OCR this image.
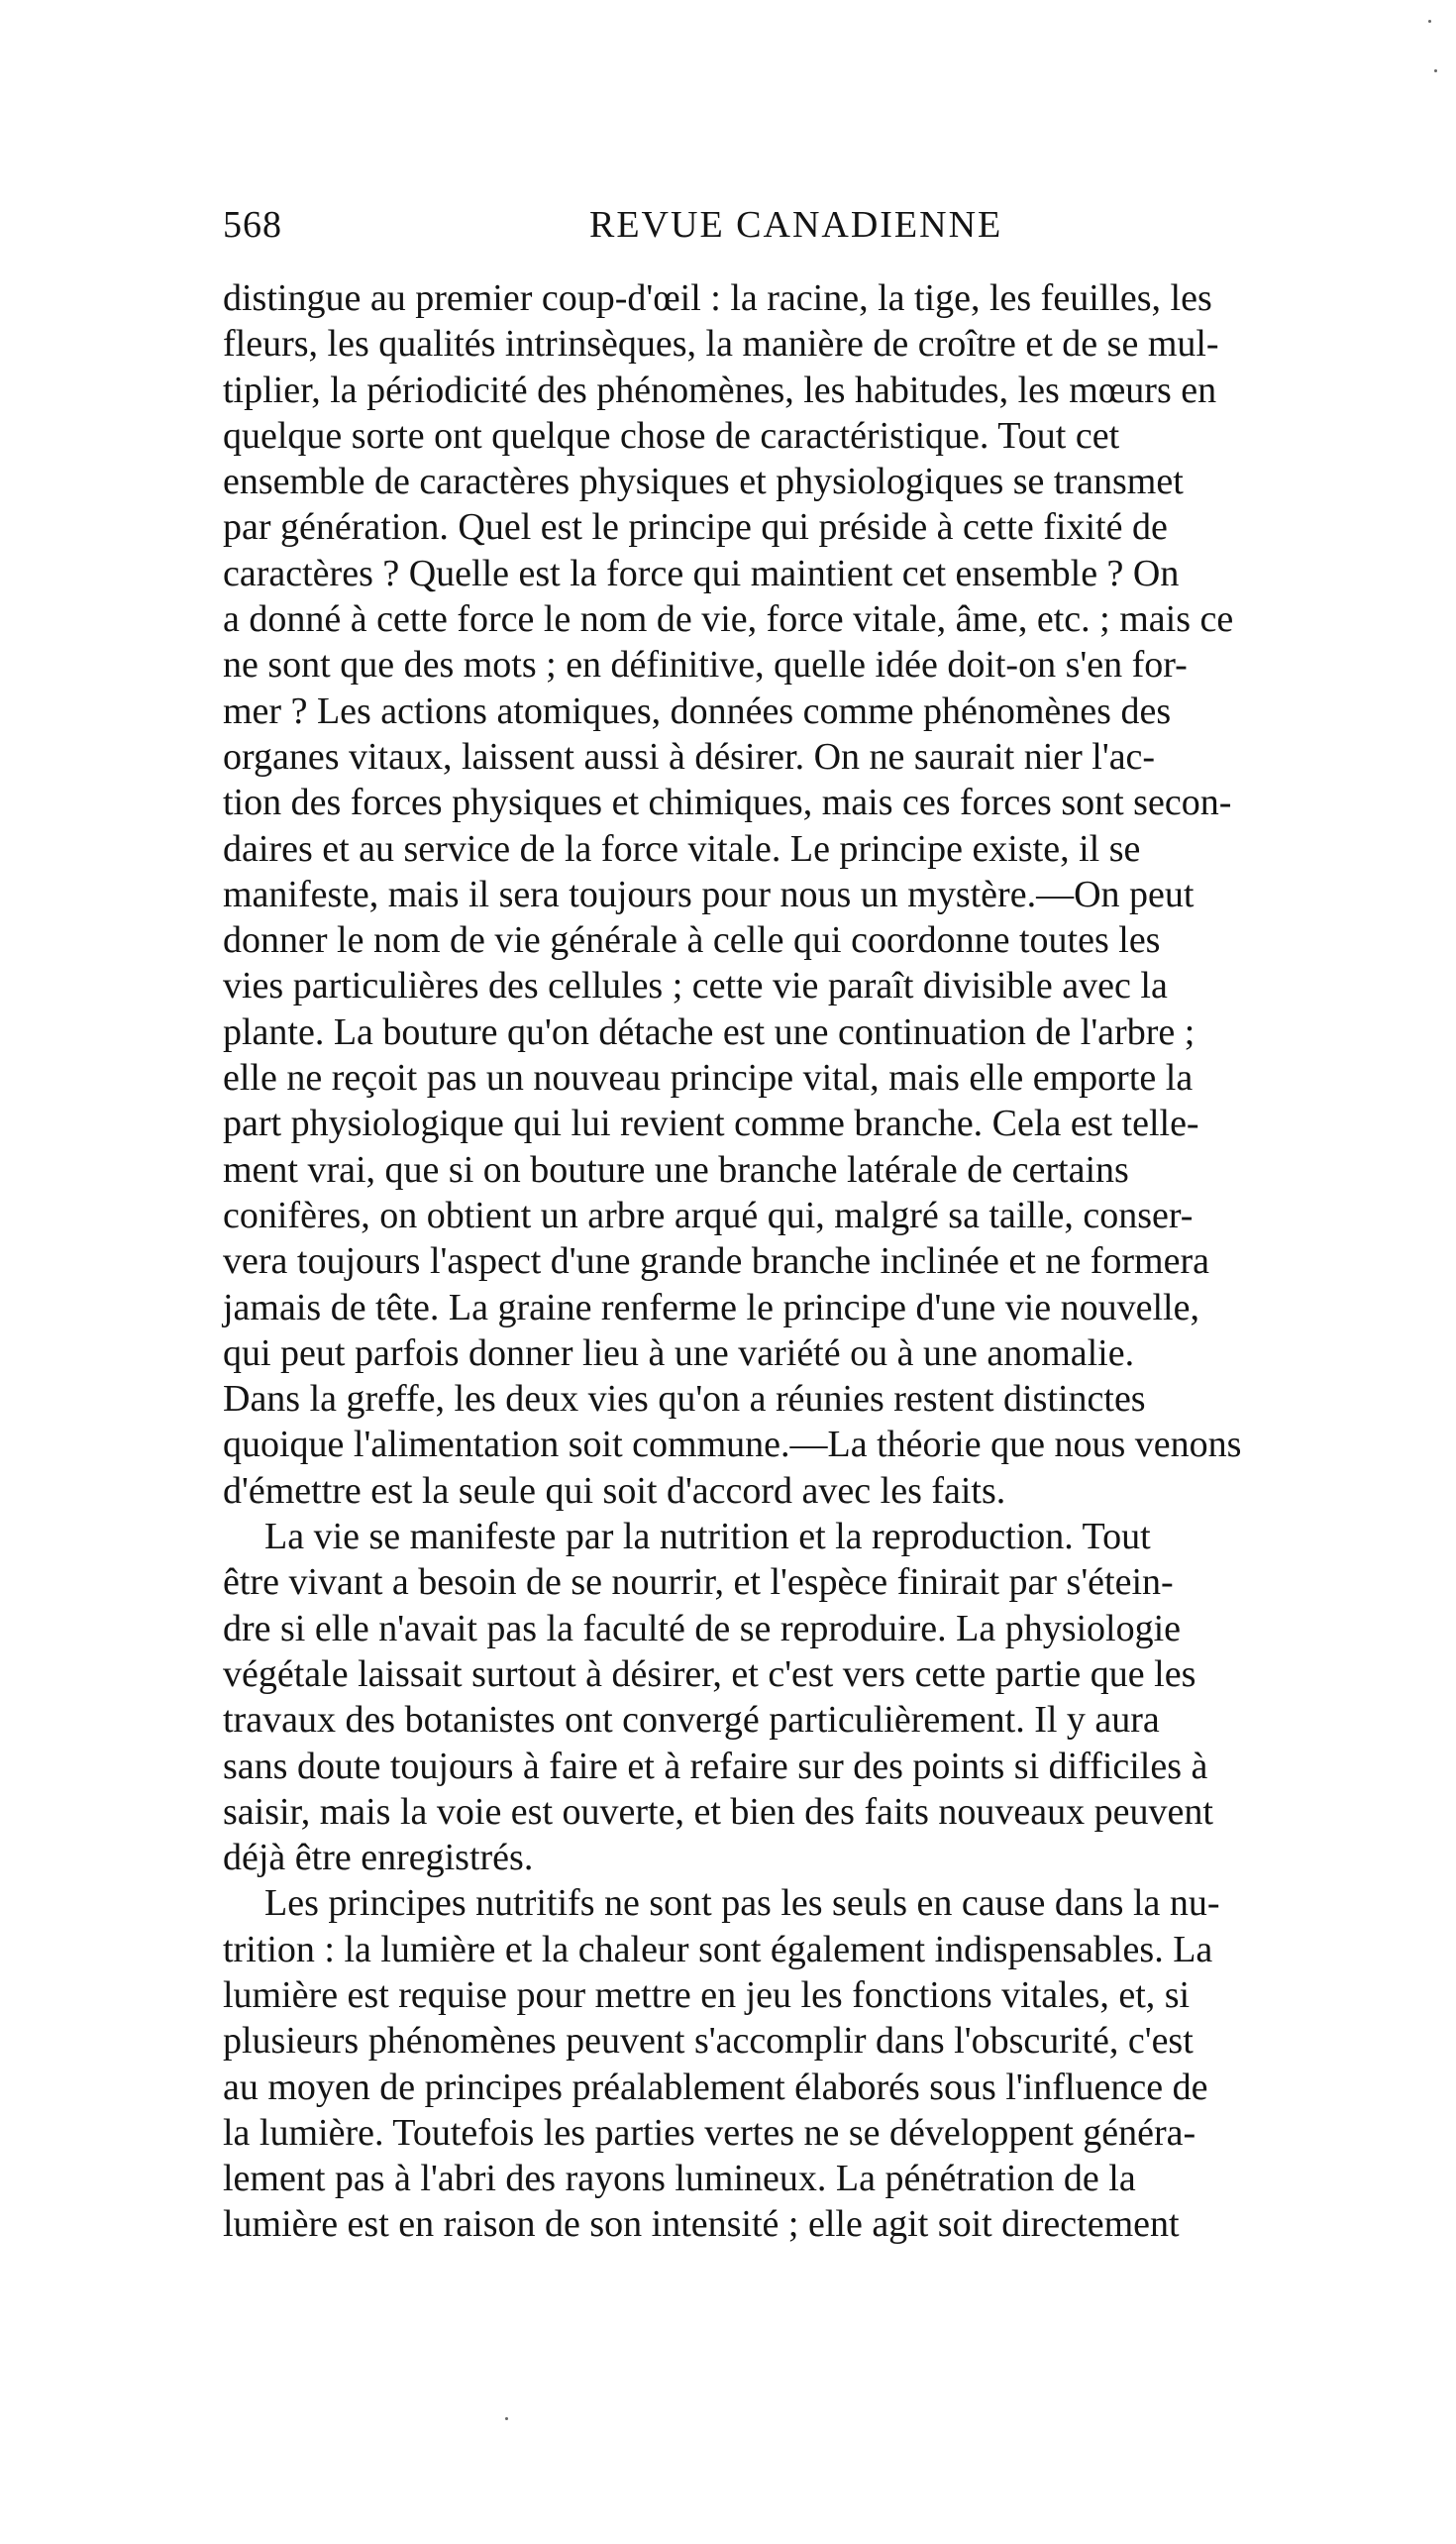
568	REVUE CANADIENNE
distingue au premier coup-d'œil : la racine, la tige, les feuilles, les
fleurs, les qualités intrinsèques, la manière de croître et de se mul-
tiplier, la périodicité des phénomènes, les habitudes, les mœurs en
quelque sorte ont quelque chose de caractéristique. Tout cet
ensemble de caractères physiques et physiologiques se transmet
par génération. Quel est le principe qui préside à cette fixité de
caractères ? Quelle est la force qui maintient cet ensemble ? On
a donné à cette force le nom de vie, force vitale, âme, etc. ; mais ce
ne sont que des mots ; en définitive, quelle idée doit-on s'en for-
mer ? Les actions atomiques, données comme phénomènes des
organes vitaux, laissent aussi à désirer. On ne saurait nier l'ac-
tion des forces physiques et chimiques, mais ces forces sont secon-
daires et au service de la force vitale. Le principe existe, il se
manifeste, mais il sera toujours pour nous un mystère.—On peut
donner le nom de vie générale à celle qui coordonne toutes les
vies particulières des cellules ; cette vie paraît divisible avec la
plante. La bouture qu'on détache est une continuation de l'arbre ;
elle ne reçoit pas un nouveau principe vital, mais elle emporte la
part physiologique qui lui revient comme branche. Cela est telle-
ment vrai, que si on bouture une branche latérale de certains
conifères, on obtient un arbre arqué qui, malgré sa taille, conser-
vera toujours l'aspect d'une grande branche inclinée et ne formera
jamais de tête. La graine renferme le principe d'une vie nouvelle,
qui peut parfois donner lieu à une variété ou à une anomalie.
Dans la greffe, les deux vies qu'on a réunies restent distinctes
quoique l'alimentation soit commune.—La théorie que nous venons
d'émettre est la seule qui soit d'accord avec les faits.
La vie se manifeste par la nutrition et la reproduction. Tout
être vivant a besoin de se nourrir, et l'espèce finirait par s'étein-
dre si elle n'avait pas la faculté de se reproduire. La physiologie
végétale laissait surtout à désirer, et c'est vers cette partie que les
travaux des botanistes ont convergé particulièrement. Il y aura
sans doute toujours à faire et à refaire sur des points si difficiles à
saisir, mais la voie est ouverte, et bien des faits nouveaux peuvent
déjà être enregistrés.
Les principes nutritifs ne sont pas les seuls en cause dans la nu-
trition : la lumière et la chaleur sont également indispensables. La
lumière est requise pour mettre en jeu les fonctions vitales, et, si
plusieurs phénomènes peuvent s'accomplir dans l'obscurité, c'est
au moyen de principes préalablement élaborés sous l'influence de
la lumière. Toutefois les parties vertes ne se développent généra-
lement pas à l'abri des rayons lumineux. La pénétration de la
lumière est en raison de son intensité ; elle agit soit directement
